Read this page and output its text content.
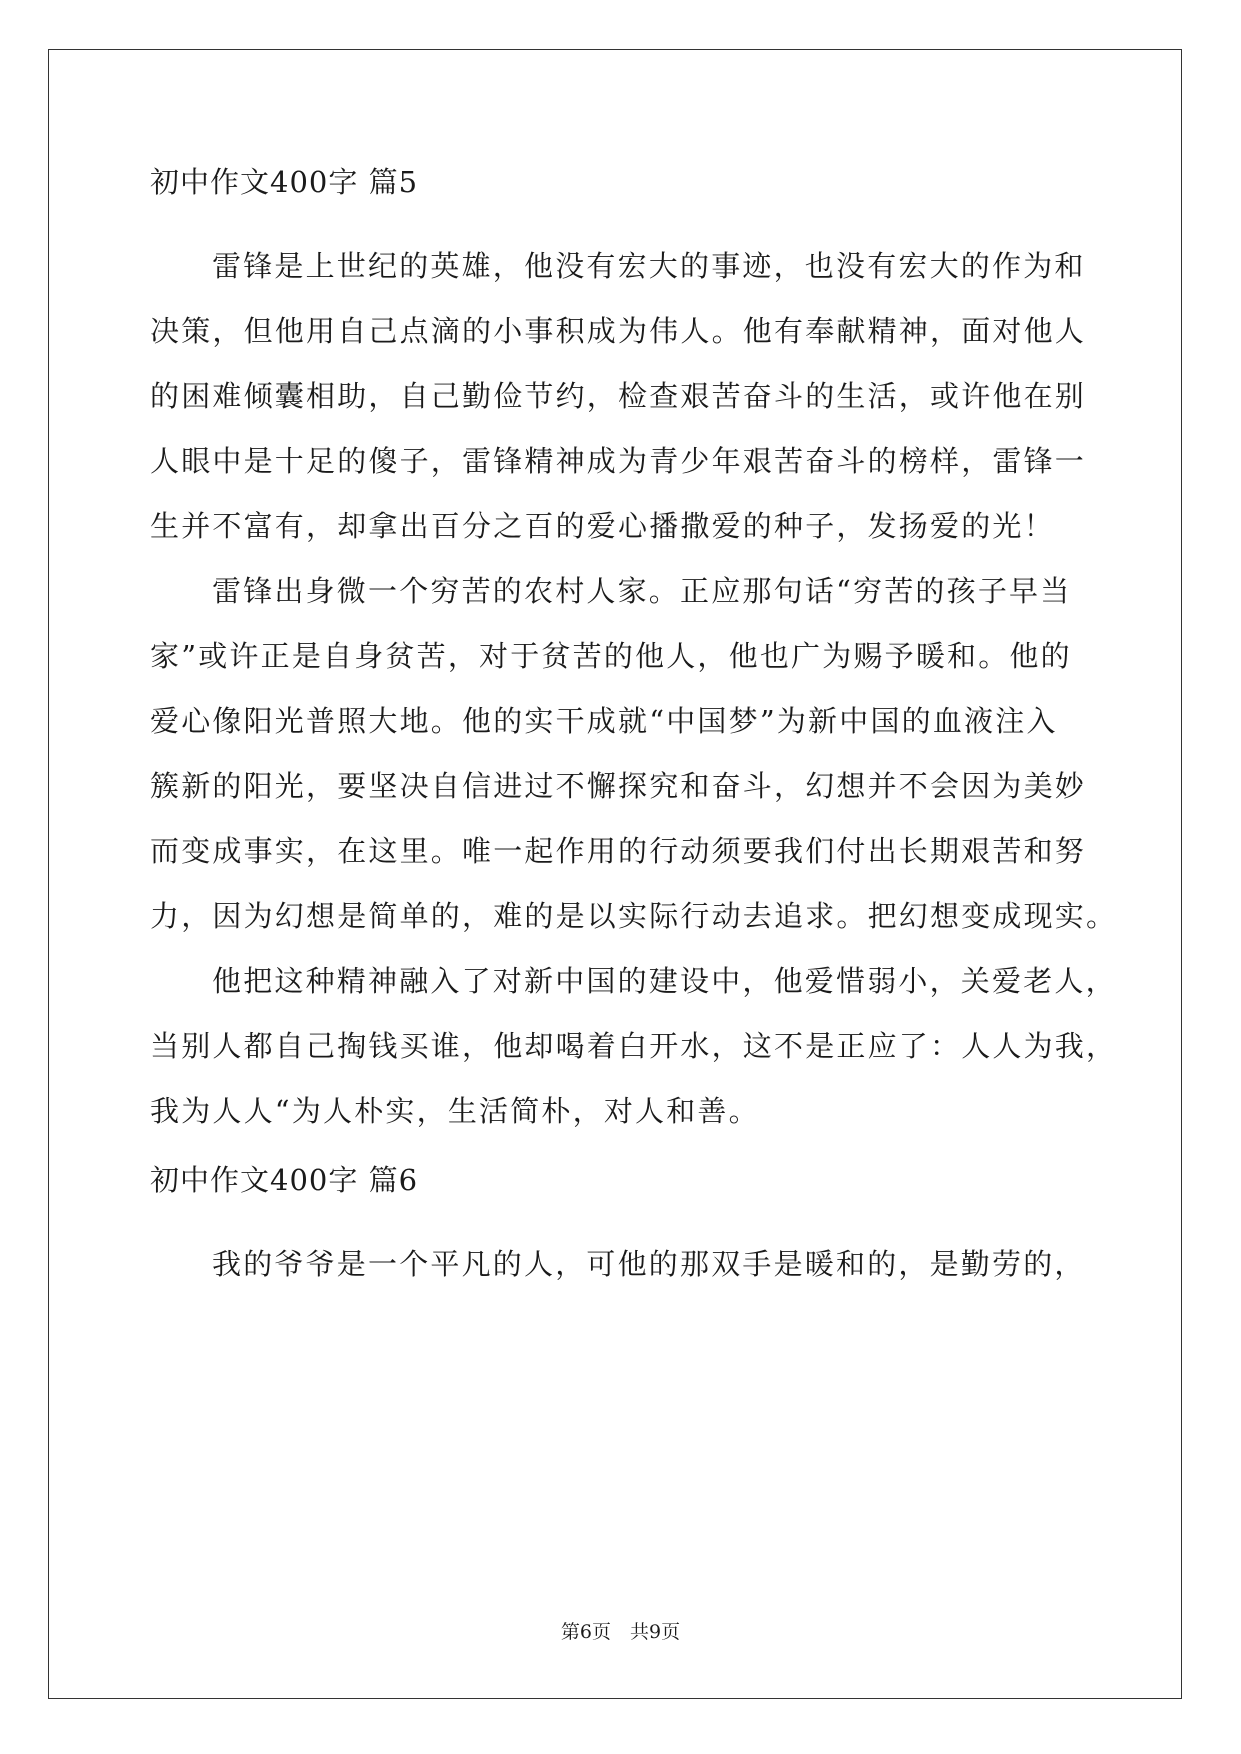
初中作文400字 篇5
雷锋是上世纪的英雄，他没有宏大的事迹，也没有宏大的作为和
决策，但他用自己点滴的小事积成为伟人。他有奉献精神，面对他人
的困难倾囊相助，自己勤俭节约，检查艰苦奋斗的生活，或许他在别
人眼中是十足的傻子，雷锋精神成为青少年艰苦奋斗的榜样，雷锋一
生并不富有，却拿出百分之百的爱心播撒爱的种子，发扬爱的光！
雷锋出身微一个穷苦的农村人家。正应那句话“穷苦的孩子早当
家”或许正是自身贫苦，对于贫苦的他人，他也广为赐予暖和。他的
爱心像阳光普照大地。他的实干成就“中国梦”为新中国的血液注入
簇新的阳光，要坚决自信进过不懈探究和奋斗，幻想并不会因为美妙
而变成事实，在这里。唯一起作用的行动须要我们付出长期艰苦和努
力，因为幻想是简单的，难的是以实际行动去追求。把幻想变成现实。
他把这种精神融入了对新中国的建设中，他爱惜弱小，关爱老人，
当别人都自己掏钱买谁，他却喝着白开水，这不是正应了：人人为我，
我为人人“为人朴实，生活简朴，对人和善。
初中作文400字 篇6
我的爷爷是一个平凡的人，可他的那双手是暖和的，是勤劳的，
第6页　共9页
